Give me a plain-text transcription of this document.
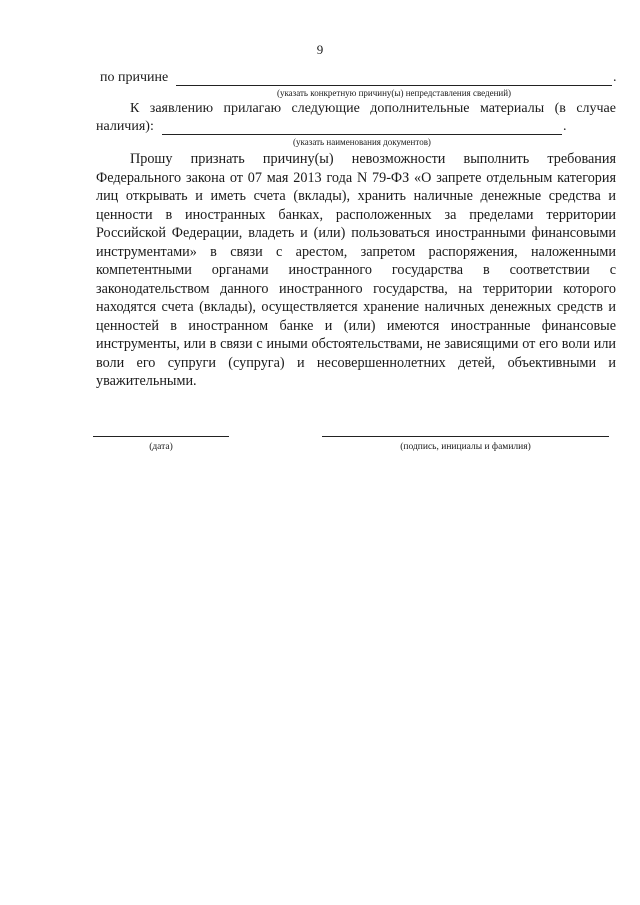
9
по причине	.
(указать конкретную причину(ы) непредставления сведений)
К заявлению прилагаю следующие дополнительные материалы (в случае
наличия):	.
(указать наименования документов)

Прошу признать причину(ы) невозможности выполнить требования Федерального закона от 07 мая 2013 года N 79-ФЗ «О запрете отдельным категория лиц открывать и иметь счета (вклады), хранить наличные денежные средства и ценности в иностранных банках, расположенных за пределами территории Российской Федерации, владеть и (или) пользоваться иностранными финансовыми инструментами» в связи с арестом, запретом распоряжения, наложенными компетентными органами иностранного государства в соответствии с законодательством данного иностранного государства, на территории которого находятся счета (вклады), осуществляется хранение наличных денежных средств и ценностей в иностранном банке и (или) имеются иностранные финансовые инструменты, или в связи с иными обстоятельствами, не зависящими от его воли или воли его супруги (супруга) и несовершеннолетних детей, объективными и уважительными.

(дата)	(подпись, инициалы и фамилия)
